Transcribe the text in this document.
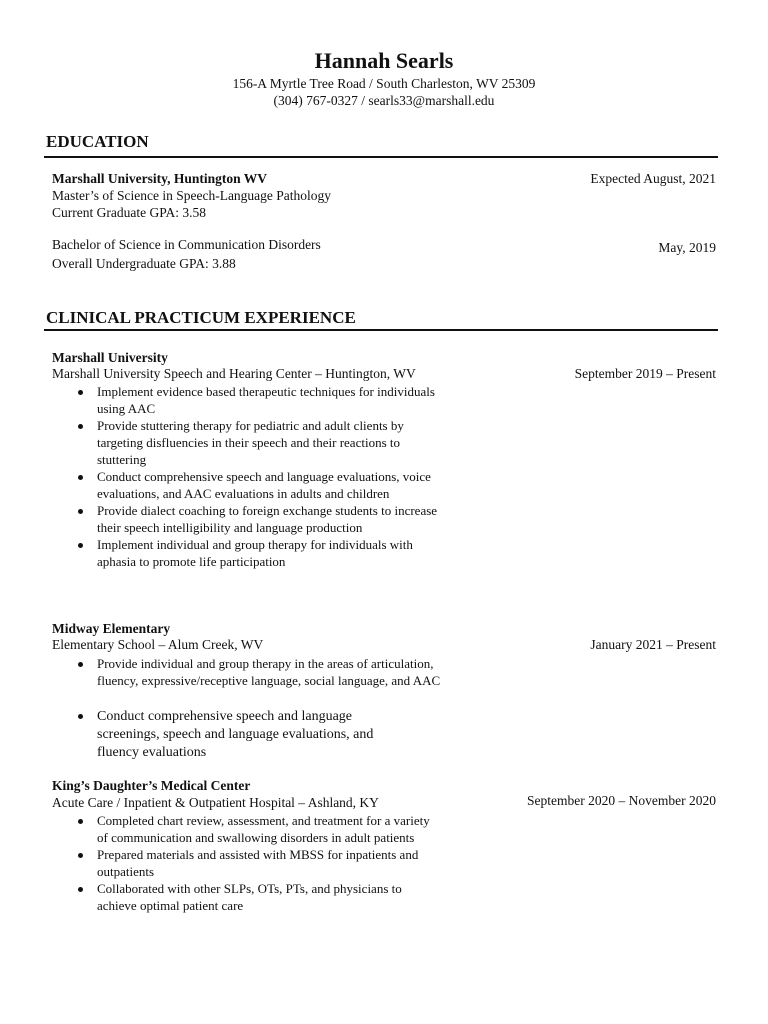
Hannah Searls
156-A Myrtle Tree Road / South Charleston, WV 25309
(304) 767-0327 / searls33@marshall.edu
EDUCATION
Marshall University, Huntington WV	Expected August, 2021
Master’s of Science in Speech-Language Pathology
Current Graduate GPA: 3.58
Bachelor of Science in Communication Disorders	May, 2019
Overall Undergraduate GPA: 3.88
CLINICAL PRACTICUM EXPERIENCE
Marshall University
Marshall University Speech and Hearing Center – Huntington, WV	September 2019 – Present
Implement evidence based therapeutic techniques for individuals using AAC
Provide stuttering therapy for pediatric and adult clients by targeting disfluencies in their speech and their reactions to stuttering
Conduct comprehensive speech and language evaluations, voice evaluations, and AAC evaluations in adults and children
Provide dialect coaching to foreign exchange students to increase their speech intelligibility and language production
Implement individual and group therapy for individuals with aphasia to promote life participation
Midway Elementary
Elementary School – Alum Creek, WV	January 2021 – Present
Provide individual and group therapy in the areas of articulation, fluency, expressive/receptive language, social language, and AAC
Conduct comprehensive speech and language screenings, speech and language evaluations, and fluency evaluations
King’s Daughter’s Medical Center
Acute Care / Inpatient & Outpatient Hospital – Ashland, KY	September 2020 – November 2020
Completed chart review, assessment, and treatment for a variety of communication and swallowing disorders in adult patients
Prepared materials and assisted with MBSS for inpatients and outpatients
Collaborated with other SLPs, OTs, PTs, and physicians to achieve optimal patient care
